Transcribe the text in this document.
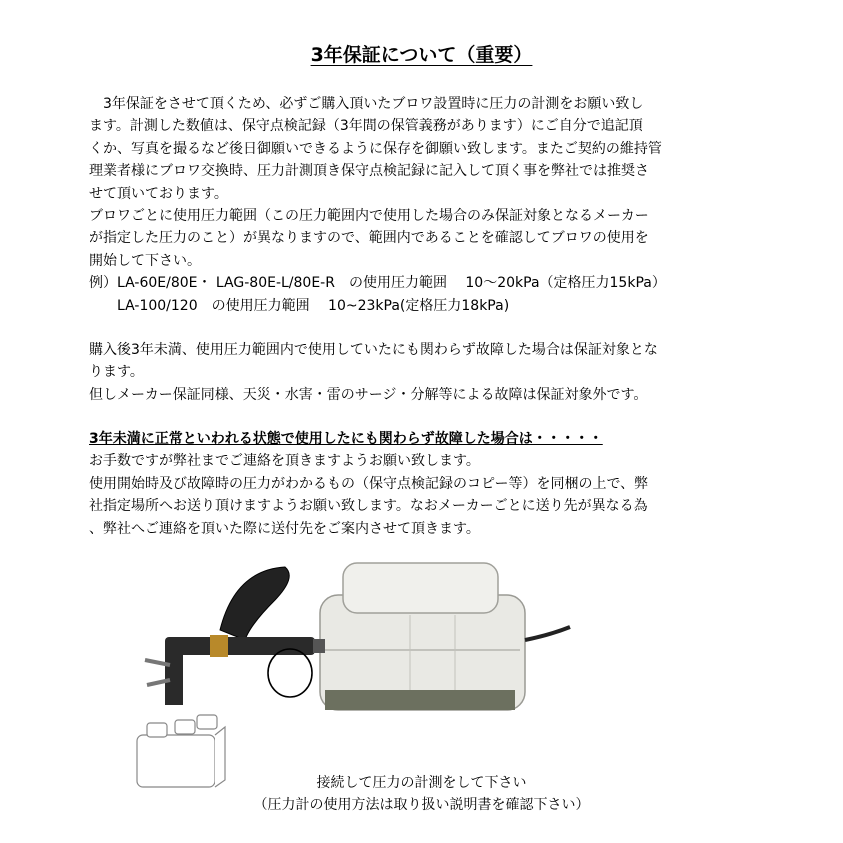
3年保証について（重要）
　3年保証をさせて頂くため、必ずご購入頂いたブロワ設置時に圧力の計測をお願い致し
ます。計測した数値は、保守点検記録（3年間の保管義務があります）にご自分で追記頂
くか、写真を撮るなど後日御願いできるように保存を御願い致します。またご契約の維持管
理業者様にブロワ交換時、圧力計測頂き保守点検記録に記入して頂く事を弊社では推奨さ
せて頂いております。
ブロワごとに使用圧力範囲（この圧力範囲内で使用した場合のみ保証対象となるメーカー
が指定した圧力のこと）が異なりますので、範囲内であることを確認してブロワの使用を
開始して下さい。
例）LA-60E/80E・ LAG-80E-L/80E-R　の使用圧力範囲　 10～20kPa（定格圧力15kPa）
LA-100/120　の使用圧力範囲　 10~23kPa(定格圧力18kPa)
購入後3年未満、使用圧力範囲内で使用していたにも関わらず故障した場合は保証対象とな
ります。
但しメーカー保証同様、天災・水害・雷のサージ・分解等による故障は保証対象外です。
3年未満に正常といわれる状態で使用したにも関わらず故障した場合は・・・・・
お手数ですが弊社までご連絡を頂きますようお願い致します。
使用開始時及び故障時の圧力がわかるもの（保守点検記録のコピー等）を同梱の上で、弊
社指定場所へお送り頂けますようお願い致します。なおメーカーごとに送り先が異なる為
、弊社へご連絡を頂いた際に送付先をご案内させて頂きます。
接続して圧力の計測をして下さい
（圧力計の使用方法は取り扱い説明書を確認下さい）
